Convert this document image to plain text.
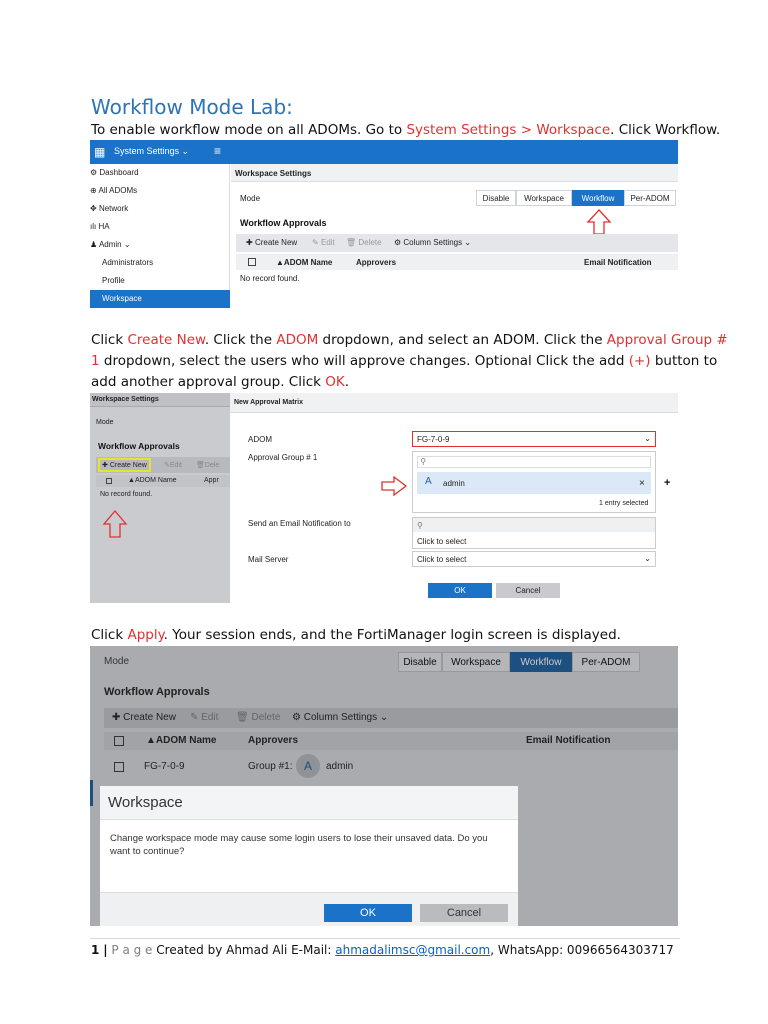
Workflow Mode Lab:
To enable workflow mode on all ADOMs. Go to System Settings > Workspace. Click Workflow.
▦ System Settings ⌄ ≡
⚙ Dashboard
⊕ All ADOMs
✥ Network
ılı HA
♟ Admin ⌄
Administrators
Profile
Workspace
Workspace Settings
Mode	Disable	Workspace	Workflow	Per-ADOM
Workflow Approvals
✚ Create New ✎ Edit 🗑 Delete ⚙ Column Settings ⌄
▲ADOM Name	Approvers	Email Notification
No record found.
Click Create New. Click the ADOM dropdown, and select an ADOM. Click the Approval Group #
1 dropdown, select the users who will approve changes. Optional Click the add (+) button to
add another approval group. Click OK.
Workspace Settings
Mode
Workflow Approvals
✚ Create New	✎Edit 🗑Dele
▲ADOM Name	Appr
No record found.
New Approval Matrix
ADOM	FG-7-0-9	⌄
Approval Group # 1	⚲
A admin	×
1 entry selected
+
Send an Email Notification to	⚲
Click to select
Mail Server	Click to select	⌄
OK	Cancel
Click Apply. Your session ends, and the FortiManager login screen is displayed.
Mode	Disable	Workspace	Workflow	Per-ADOM
Workflow Approvals
✚ Create New ✎ Edit 🗑 Delete ⚙ Column Settings ⌄
▲ADOM Name	Approvers	Email Notification
FG-7-0-9	Group #1: A	admin
Workspace
Change workspace mode may cause some login users to lose their unsaved data. Do you want to continue?
OK	Cancel
1 | P a g e Created by Ahmad Ali E-Mail: ahmadalimsc@gmail.com, WhatsApp: 00966564303717
